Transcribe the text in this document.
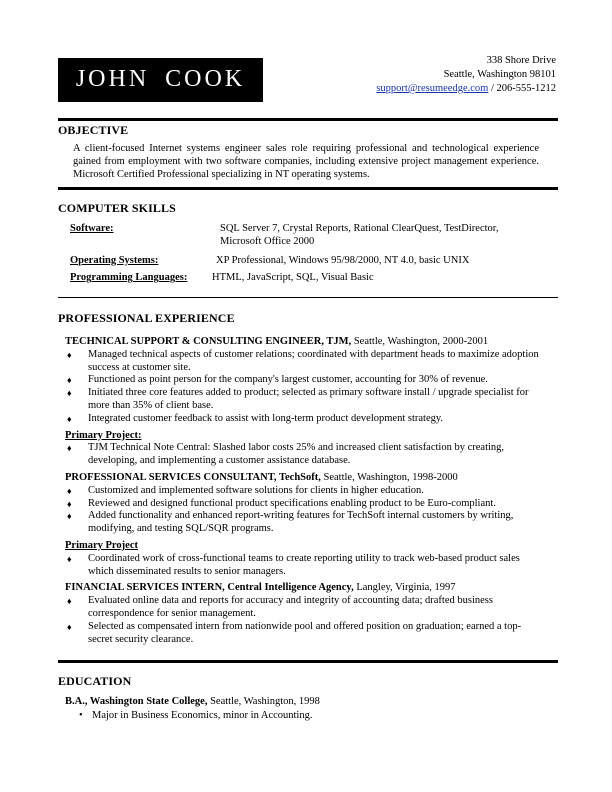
JOHN COOK
338 Shore Drive
Seattle, Washington 98101
support@resumeedge.com / 206-555-1212
OBJECTIVE
A client-focused Internet systems engineer sales role requiring professional and technological experience gained from employment with two software companies, including extensive project management experience. Microsoft Certified Professional specializing in NT operating systems.
COMPUTER SKILLS
Software:	SQL Server 7, Crystal Reports, Rational ClearQuest, TestDirector, Microsoft Office 2000
Operating Systems:	XP Professional, Windows 95/98/2000, NT 4.0, basic UNIX
Programming Languages:	HTML, JavaScript, SQL, Visual Basic
PROFESSIONAL EXPERIENCE
TECHNICAL SUPPORT & CONSULTING ENGINEER, TJM, Seattle, Washington, 2000-2001
♦	Managed technical aspects of customer relations; coordinated with department heads to maximize adoption success at customer site.
♦	Functioned as point person for the company's largest customer, accounting for 30% of revenue.
♦	Initiated three core features added to product; selected as primary software install / upgrade specialist for more than 35% of client base.
♦	Integrated customer feedback to assist with long-term product development strategy.
Primary Project:
♦	TJM Technical Note Central: Slashed labor costs 25% and increased client satisfaction by creating, developing, and implementing a customer assistance database.
PROFESSIONAL SERVICES CONSULTANT, TechSoft, Seattle, Washington, 1998-2000
♦	Customized and implemented software solutions for clients in higher education.
♦	Reviewed and designed functional product specifications enabling product to be Euro-compliant.
♦	Added functionality and enhanced report-writing features for TechSoft internal customers by writing, modifying, and testing SQL/SQR programs.
Primary Project
♦	Coordinated work of cross-functional teams to create reporting utility to track web-based product sales which disseminated results to senior managers.
FINANCIAL SERVICES INTERN, Central Intelligence Agency, Langley, Virginia, 1997
♦	Evaluated online data and reports for accuracy and integrity of accounting data; drafted business correspondence for senior management.
♦	Selected as compensated intern from nationwide pool and offered position on graduation; earned a top-secret security clearance.
EDUCATION
B.A., Washington State College, Seattle, Washington, 1998
• Major in Business Economics, minor in Accounting.
